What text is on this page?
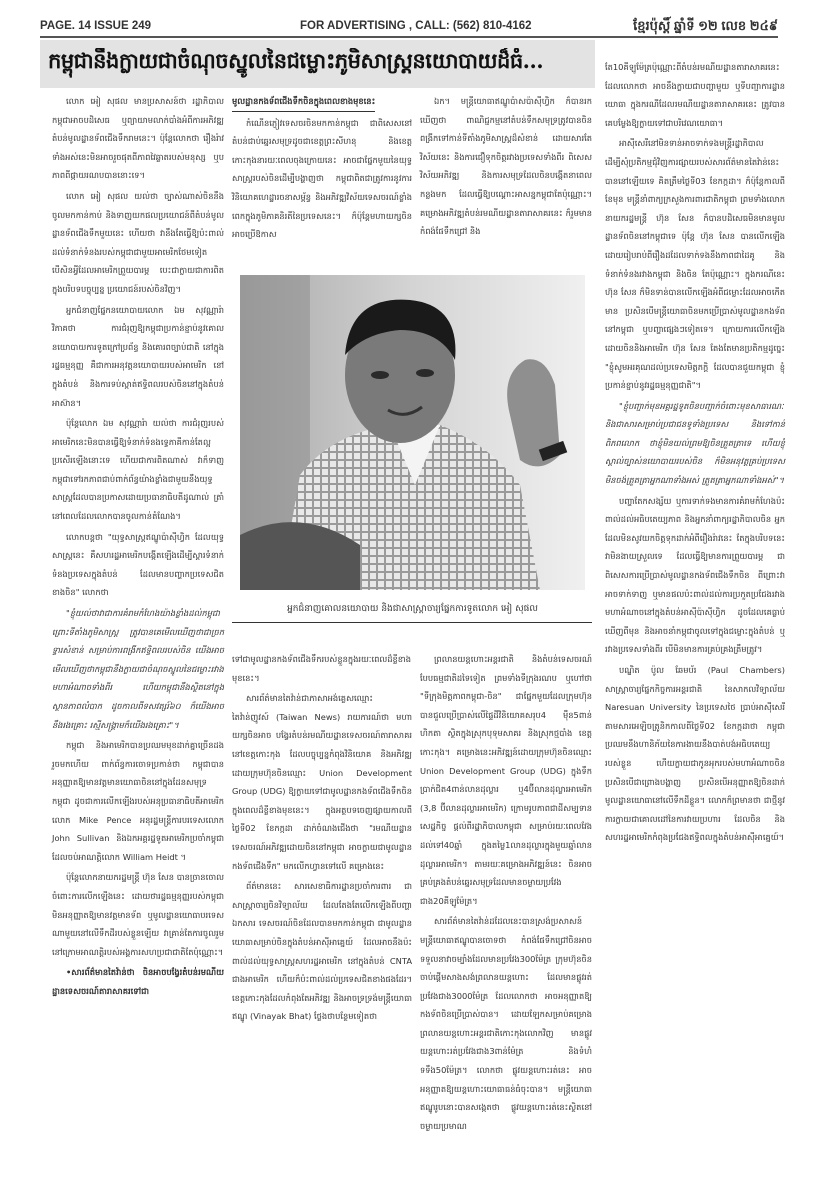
PAGE. 14 ISSUE 249	FOR ADVERTISING , CALL: (562) 810-4162	ខ្មែរប៉ុស្តិ៍ ឆ្នាំទី ១២ លេខ ២៤៩
កម្ពុជានឹងក្លាយជាចំណុចស្នូលនៃជម្លោះភូមិសាស្ត្រនយោបាយដ៏ធំ…

លោក អៀ សុផល មានប្រសាសន៍ថា រដ្ឋាភិបាលកម្ពុជាអាចបដិសេធ ឬព្យាយាមលាក់បាំងអំពីការអភិវឌ្ឍតំបន់មូលដ្ឋានទ័ពជើងទឹករាមនេះ។ ប៉ុន្តែលោកថា រឿងរ៉ាវទាំងអស់នេះមិនអាចរួចផុតពីភាពវៃឆ្លាតរបស់មនុស្ស ឬបភាពពីផ្កាយរណបបាននោះទេ។

លោក អៀ សុផល យល់ថា ច្បាស់ណាស់ចិននឹងចូលមកកាន់កាប់ និងទាញយកផលប្រយោជន៍ពីតំបន់មូលដ្ឋានទ័ពជើងទឹកមួយនេះ ហើយថា វានឹងតែធ្វើឱ្យប៉ះពាល់ដល់ទំនាក់ទំនងរបស់កម្ពុជាជាមួយអាមេរិកថែមទៀត បើសិនអ្វីដែលអាមេរិកព្រួយបារម្ភ បេះជាក្លាយជាការពិត ក្នុងបរិបទបច្ចុប្បន្ន ប្រយោជន៍របស់ចិនវិញ។

អ្នកជំនាញផ្នែកនយោបាយលោក ឯម សុវណ្ណារ៉ា វិភាគថា ការជំរុញឱ្យកម្ពុជាប្រកាន់ខ្ជាប់នូវគោលនយោបាយការទូតក្រៅប្រព័ន្ធ និងគោរពច្បាប់ជាតិ នៅក្នុងរដ្ឋធម្មនុញ្ញ គឺជាការអនុវត្តនយោបាយរបស់អាមេរិក នៅក្នុងតំបន់ និងការទប់ស្កាត់ឥទ្ធិពលរបស់ចិននៅក្នុងតំបន់អាស៊ាន។

ប៉ុន្តែលោក ឯម សុវណ្ណារ៉ា យល់ថា ការជំរុញរបស់អាមេរិកនេះមិនបានធ្វើឱ្យទំនាក់ទំនងទ្វេភាគីកាន់តែល្អប្រសើរឡើងនោះទេ ហើយជាការពិតណាស់ វាក៏ទាញកម្ពុជាទៅរកភាពជាប់ពាក់ព័ន្ធយ៉ាងខ្លាំងជាមួយនឹងយុទ្ធសាស្ត្រដែលបានប្រកាសដោយប្រធានាធិបតីដូណាល់ ត្រាំ នៅពេលដែលលោកបានចូលកាន់តំណែង។

លោកបន្តថា "យុទ្ធសាស្ត្រឥណ្ឌូប៉ាស៊ីហ្វិក ដែលយុទ្ធសាស្ត្រនេះ គឺសហរដ្ឋអាមេរិកបង្កើតឡើងដើម្បីស្ដារទំនាក់ទំនងប្រទេសក្នុងតំបន់ ដែលមានបញ្ហាកប្រទេសជិតខាងចិន" លោកថា

"ខ្ញុំយល់ថាវាជាការគំរាមកំហែងយ៉ាងខ្លាំងដល់កម្ពុជា ព្រោះទីតាំងភូមិសាស្ត្រ ត្រូវបានគេមើលឃើញថាជាច្រកទ្វារសំខាន់ សម្រាប់ការពង្រីកឥទ្ធិពលរបស់ចិន យើងអាចមើលឃើញថាកម្ពុជានឹងក្លាយជាចំណុចស្នូលនៃជម្លោះរវាងមហាអំណាចទាំងពីរ ហើយកម្ពុជានឹងស្ថិតនៅក្នុងស្ថានភាពលំបាក ដូចកាលពីទសវត្សរ៍៦០ ក៏យើងអាចនឹងរងគ្រោះ រស្មីសង្គ្រាមក៏យើងរងគ្រោះ"។

កម្ពុជា និងអាមេរិកបានប្រឈមមុខដាក់គ្នាច្រើនដងរួចមកហើយ ពាក់ព័ន្ធការចោទប្រកាន់ថា កម្ពុជាបានអនុញ្ញាតឱ្យមានវត្តមានយោធាចិននៅក្នុងដែនសមុទ្រកម្ពុជា ដូចជាការលើកឡើងរបស់អនុប្រធានាធិបតីអាមេរិកលោក Mike Pence អនុរដ្ឋមន្ត្រីការបរទេសលោក John Sullivan និងឯកអគ្គរដ្ឋទូតអាមេរិកប្រចាំកម្ពុជា ដែលចប់អាណត្តិលោក William Heidt ។

ប៉ុន្តែលោកនាយករដ្ឋមន្ត្រី ហ៊ុន សែន បានច្រានចោលចំពោះការលើកឡើងនេះ ដោយថារដ្ឋធម្មនុញ្ញរបស់កម្ពុជាមិនអនុញ្ញាតឱ្យមានវត្តមានទ័ព ឬមូលដ្ឋានយោធាបរទេសណាមួយនៅលើទឹកដីរបស់ខ្លួនឡើយ វាគ្រាន់តែការចូលរួមនៅក្រោមអាណត្តិរបស់អង្គការសហប្រជាជាតិតែប៉ុណ្ណោះ។

•សារព័ត៌មានតៃវ៉ាន់ថា ចិនអាចបង្វែរតំបន់រមណីយដ្ឋានទេសចរណ៍តារាសាគរទៅជា

មូលដ្ឋានកងទ័ពជើងទឹកចិនក្នុងពេលខាងមុខនេះ

កំណើនភ្ញៀវទេសចរចិនមកកាន់កម្ពុជា ជាពិសេសនៅតំបន់ជាប់ឆ្នេរសមុទ្រដូចជាខេត្តព្រះសីហនុ និងខេត្តកោះកុងនារយៈពេលចុងក្រោយនេះ អាចជាផ្នែកមួយនៃយុទ្ធសាស្ត្ររបស់ចិនដើម្បីបង្ហាញថា កម្ពុជាពិតជាត្រូវការនូវការវិនិយោគហេដ្ឋារចនាសម្ព័ន្ធ និងអភិវឌ្ឍវិស័យទេសចរណ៍ខ្លាំងពេកក្នុងភូមិភាគនិរតីនៃប្រទេសនេះ។ ក៏ប៉ុន្តែមហាយក្សចិនអាចប្រើឱកាស

ឯក។ មន្ត្រីយោធាឥណ្ឌូប៉ាសប៉ាស៊ីហ្វិក ក៏បានរកឃើញថា ពាណិជ្ជកម្មនៅតំបន់ទឹកសមុទ្រត្រូវបានចិនពង្រីកទៅកាន់ទីតាំងភូមិសាស្ត្រដ៏សំខាន់ ដោយសារតែវិស័យនេះ និងការជឿទុកចិត្តរវាងប្រទេសទាំងពីរ ពិសេសវិស័យអភិវឌ្ឍ និងការសមុទ្រដែលចិនបង្កើតនាពេលកន្លងមក ដែលធ្វើឱ្យបណ្ដោះអាសន្នកម្ពុជាតែប៉ុណ្ណោះ។ គម្រោងអភិវឌ្ឍតំបន់រមណីយដ្ឋានតារាសាគរនេះ ក៏រួមមានកំពង់ផែទឹកជ្រៅ និង

អ្នកជំនាញគោលនយោបាយ និងជាសាស្ត្រាចារ្យផ្នែកការទូតលោក អៀ សុផល

ទៅជាមូលដ្ឋានកងទ័ពជើងទឹករបស់ខ្លួនក្នុងរយៈពេលដ៏ខ្លីខាងមុខនេះ។

សារព័ត៌មានតៃវ៉ាន់ជាភាសាអង់គ្លេសឈ្មោះ តៃវ៉ាន់ញូវស៍ (Taiwan News) រាយការណ៍ថា មហាយក្សចិនអាច បង្វែរតំបន់រមណីយដ្ឋានទេសចរណ៍តារាសាគរ នៅខេត្តកោះកុង ដែលបច្ចុប្បន្នកំពុងវិនិយោគ និងអភិវឌ្ឍដោយក្រុមហ៊ុនចិនឈ្មោះ Union Development Group (UDG) ឱ្យក្លាយទៅជាមូលដ្ឋានកងទ័ពជើងទឹកចិនក្នុងពេលដ៏ខ្លីខាងមុខនេះ។ ក្នុងអត្ថបទចេញផ្សាយកាលពីថ្ងៃទី02 ខែកក្កដា ដាក់ចំណងជើងថា "រមណីយដ្ឋានទេសចរណ៍អភិវឌ្ឍដោយចិននៅកម្ពុជា អាចក្លាយជាមូលដ្ឋានកងទ័ពជើងទឹក" មកលើកហ្វានទៅលើ គម្រោងនេះ

ព័ត៌មាននេះ សារសេខាធិការដ្ឋានប្រចាំការពារ ជាសាស្ត្រាចារ្យចិនវិទ្យាល័យ ដែលតែងតែលើកឡើងពីបញ្ហាឯកសារ ទេសចរណ៍ចិនដែលបានមកកាន់កម្ពុជា ជាមូលដ្ឋានយោធាសម្រាប់ចិនក្នុងតំបន់អាស៊ីអាគ្នេយ៍ ដែលអាចនឹងប៉ះពាល់ដល់យុទ្ធសាស្ត្រសហរដ្ឋអាមេរិក នៅក្នុងតំបន់ CNTA ជាងអាមេរិក ហើយក៏ប៉ះពាល់ដល់ប្រទេសជិតខាងផងដែរ។ ខេត្តកោះកុងដែលកំពុងតែអភិវឌ្ឍ និងអាចទ្រទ្រង់មន្ត្រីយោធាឥណ្ឌូ (Vinayak Bhat) ថ្លែងថាបន្ថែមទៀតថា

ព្រលានយន្តហោះអន្តរជាតិ និងតំបន់ទេសចរណ៍ បែបធម្មជាតិដទៃទៀត ព្រមទាំងទីក្រុងរណប ឬហៅថា "ទីក្រុងមិត្តភាពកម្ពុជា-ចិន" ជាផ្នែកមួយដែលក្រុមហ៊ុនបានជួលប្រើប្រាស់លើផ្ទៃដីវិនិយោគសរុប4 ម៉ឺន5ពាន់ហិកតា ស្ថិតក្នុងស្រុកបុទុមសាគរ និងស្រុកថ្មបាំង ខេត្តកោះកុង។ គម្រោងនេះអភិវឌ្ឍន៍ដោយក្រុមហ៊ុនចិនឈ្មោះ Union Development Group (UDG) ក្នុងទឹកប្រាក់ជិត4ពាន់លានដុល្លារ ឬ4ប៊ីលានដុល្លារអាមេរិក (3,8 ប៊ីលានដុល្លារអាមេរិក) ក្រោមរូបភាពជាដីសម្បទានសេដ្ឋកិច្ច ផ្តល់ពីរដ្ឋាភិបាលកម្ពុជា សម្រាប់រយៈពេលវែងដល់ទៅ40ឆ្នាំ ក្នុងតម្លៃ1លានដុល្លារក្នុងមួយឆ្នាំលានដុល្លារអាមេរិក។ តាមរយៈគម្រោងអភិវឌ្ឍន៍នេះ ចិនអាចគ្រប់គ្រងតំបន់ឆ្នេរសមុទ្រដែលមានចម្ងាយប្រវែងជាង20គីឡូម៉ែត្រ។

សារព័ត៌មានតៃវ៉ាន់ដដែលនេះបានស្រង់ប្រសាសន៍មន្ត្រីយោធាឥណ្ឌូបានចោទថា កំពង់ផែទឹកជ្រៅចិនអាចទទួលនាវាចម្បាំងដែលមានប្រវែង300ម៉ែត្រ ក្រុមហ៊ុនចិនចាប់ផ្ដើមសាងសង់ព្រលានយន្តហោះ ដែលមានផ្លូវរត់ប្រវែងជាង3000ម៉ែត្រ ដែលលោកថា អាចអនុញ្ញាតឱ្យកងទ័ពចិនប្រើប្រាស់បាន។ ដោយឡែកសម្រាប់គម្រោងព្រលានយន្តហោះអន្តរជាតិកោះកុងលោកវិញ មានផ្លូវយន្តហោះរត់ប្រវែងជាង3ពាន់ម៉ែត្រ និងទំហំទទឹង50ម៉ែត្រ។ លោកថា ផ្លូវយន្តហោះរត់នេះ អាចអនុញ្ញាតឱ្យយន្តហោះយោធាធន់ធំចុះបាន។ មន្ត្រីយោធាឥណ្ឌូរូបនោះបានសង្កេតថា ផ្លូវយន្តហោះរត់នេះស្ថិតនៅចម្ងាយប្រមាណ

តែ10គីឡូម៉ែត្រប៉ុណ្ណោះពីតំបន់រមណីយដ្ឋានតារាសាគរនេះ ដែលលោកថា អាចនឹងក្លាយជាបញ្ហាមួយ ឬទីបញ្ជាការដ្ឋានយោធា ក្នុងករណីដែលរមណីយដ្ឋានតារាសាគរនេះ ត្រូវបានគេបម្លែងឱ្យក្លាយទៅជាបរិវេណយោធា។

អាស៊ីសេរីនៅមិនទាន់អាចទាក់ទងមន្ត្រីរដ្ឋាភិបាលដើម្បីសុំប្រតិកម្មជុំវិញការផ្សាយរបស់សារព័ត៌មានតៃវ៉ាន់នេះបាននៅឡើយទេ គិតត្រឹមថ្ងៃទី03 ខែកក្កដា។ ក៏ប៉ុន្តែកាលពីខែមុន មន្ត្រីនាំពាក្យក្រសួងការពារជាតិកម្ពុជា ព្រមទាំងលោកនាយករដ្ឋមន្ត្រី ហ៊ុន សែន ក៏បានបដិសេធមិនមានមូលដ្ឋានទ័ពចិននៅកម្ពុជាទេ ប៉ុន្តែ ហ៊ុន សែន បានលើកឡើងដោយរៀបរាប់ពីរឿងដដែលទាក់ទងនឹងភាពជាដៃគូ និងទំនាក់ទំនងរវាងកម្ពុជា និងចិន តែប៉ុណ្ណោះ។ ក្នុងករណីនេះ ហ៊ុន សែន ក៏មិនទាន់បានលើកឡើងអំពីជម្លោះដែលអាចកើតមាន ប្រសិនបើមន្ត្រីយោធាចិនមកប្រើប្រាស់មូលដ្ឋានកងទ័ពនៅកម្ពុជា ឬបញ្ហាផ្សេងៗទៀតទេ។ ក្រោយការលើកឡើងដោយចិននិងអាមេរិក ហ៊ុន សែន តែងតែមានប្រតិកម្មដូច្នេះ "ខ្ញុំសូមអរគុណដល់ប្រទេសមិត្តភក្តិ ដែលបានជួយកម្ពុជា ខ្ញុំប្រកាន់ខ្ជាប់នូវរដ្ឋធម្មនុញ្ញជាតិ"។

"ខ្ញុំបញ្ជាក់មុខអគ្គរដ្ឋទូតចិនបញ្ជាក់ចំពោះមុខសាធារណៈ និងជាសារសម្រាប់ប្រជាជនទូទាំងប្រទេស និងទៅកាន់ពិភពលោក ថាខ្ញុំមិនយល់ព្រមឱ្យចិនត្រួតត្រាទេ ហើយខ្ញុំស្គាល់ច្បាស់នយោបាយរបស់ចិន ក៏មិនអនុវត្តគ្រប់ប្រទេស មិនចង់ត្រួតត្រាអ្នកណាទាំងអស់ ត្រួតត្រាអ្នកណាទាំងអស់"។

បញ្ហាតែកសង្ស័យ ឬការទាក់ទងមានការគំរាមកំហែងប៉ះពាល់ដល់អធិបតេយ្យភាព និងអ្នកនាំពាក្យរដ្ឋាភិបាលចិន អ្នកដែលមិនសូវយកចិត្តទុកដាក់អំពីរឿងរ៉ាវនេះ តែក្នុងបរិបទនេះ វាមិនងាយស្រួលទេ ដែលធ្វើឱ្យមានការព្រួយបារម្ភ ជាពិសេសការប្រើប្រាស់មូលដ្ឋានកងទ័ពជើងទឹកចិន ពីព្រោះវាអាចទាក់ទាញ ឬមានផលប៉ះពាល់ដល់ការប្រកួតប្រជែងរវាងមហាអំណាចនៅក្នុងតំបន់អាស៊ីប៉ាស៊ីហ្វិក ដូចដែលគេធ្លាប់ឃើញពីមុន និងអាចនាំកម្ពុជាចូលទៅក្នុងជម្លោះក្នុងតំបន់ ឬរវាងប្រទេសទាំងពីរ បើមិនមានការគ្រប់គ្រងត្រឹមត្រូវ។

បណ្ឌិត ប៉ូល ឆែមប័រ (Paul Chambers) សាស្ត្រាចារ្យផ្នែកកិច្ចការអន្តរជាតិ នៃសាកលវិទ្យាល័យ Naresuan University នៃប្រទេសថៃ ប្រាប់អាស៊ីសេរីតាមសារអេឡិចត្រូនិកកាលពីថ្ងៃទី02 ខែកក្កដាថា កម្ពុជាប្រឈមនឹងហានិភ័យនៃការងាយនឹងបាត់បង់អធិបតេយ្យរបស់ខ្លួន ហើយក្លាយជាកូនអុករបស់មហាអំណាចចិនប្រសិនបើជាព្រោងបង្ហាញ ប្រសិនបើអនុញ្ញាតឱ្យចិនដាក់មូលដ្ឋានយោធានៅលើទឹកដីខ្លួន។ លោកក៏ព្រមានថា ជាថ្មីនូវការក្លាយជាគោលដៅនៃការវាយប្រហារ ដែលចិន និងសហរដ្ឋអាមេរិកកំពុងប្រជែងឥទ្ធិពលក្នុងតំបន់អាស៊ីអាគ្នេយ៍។
